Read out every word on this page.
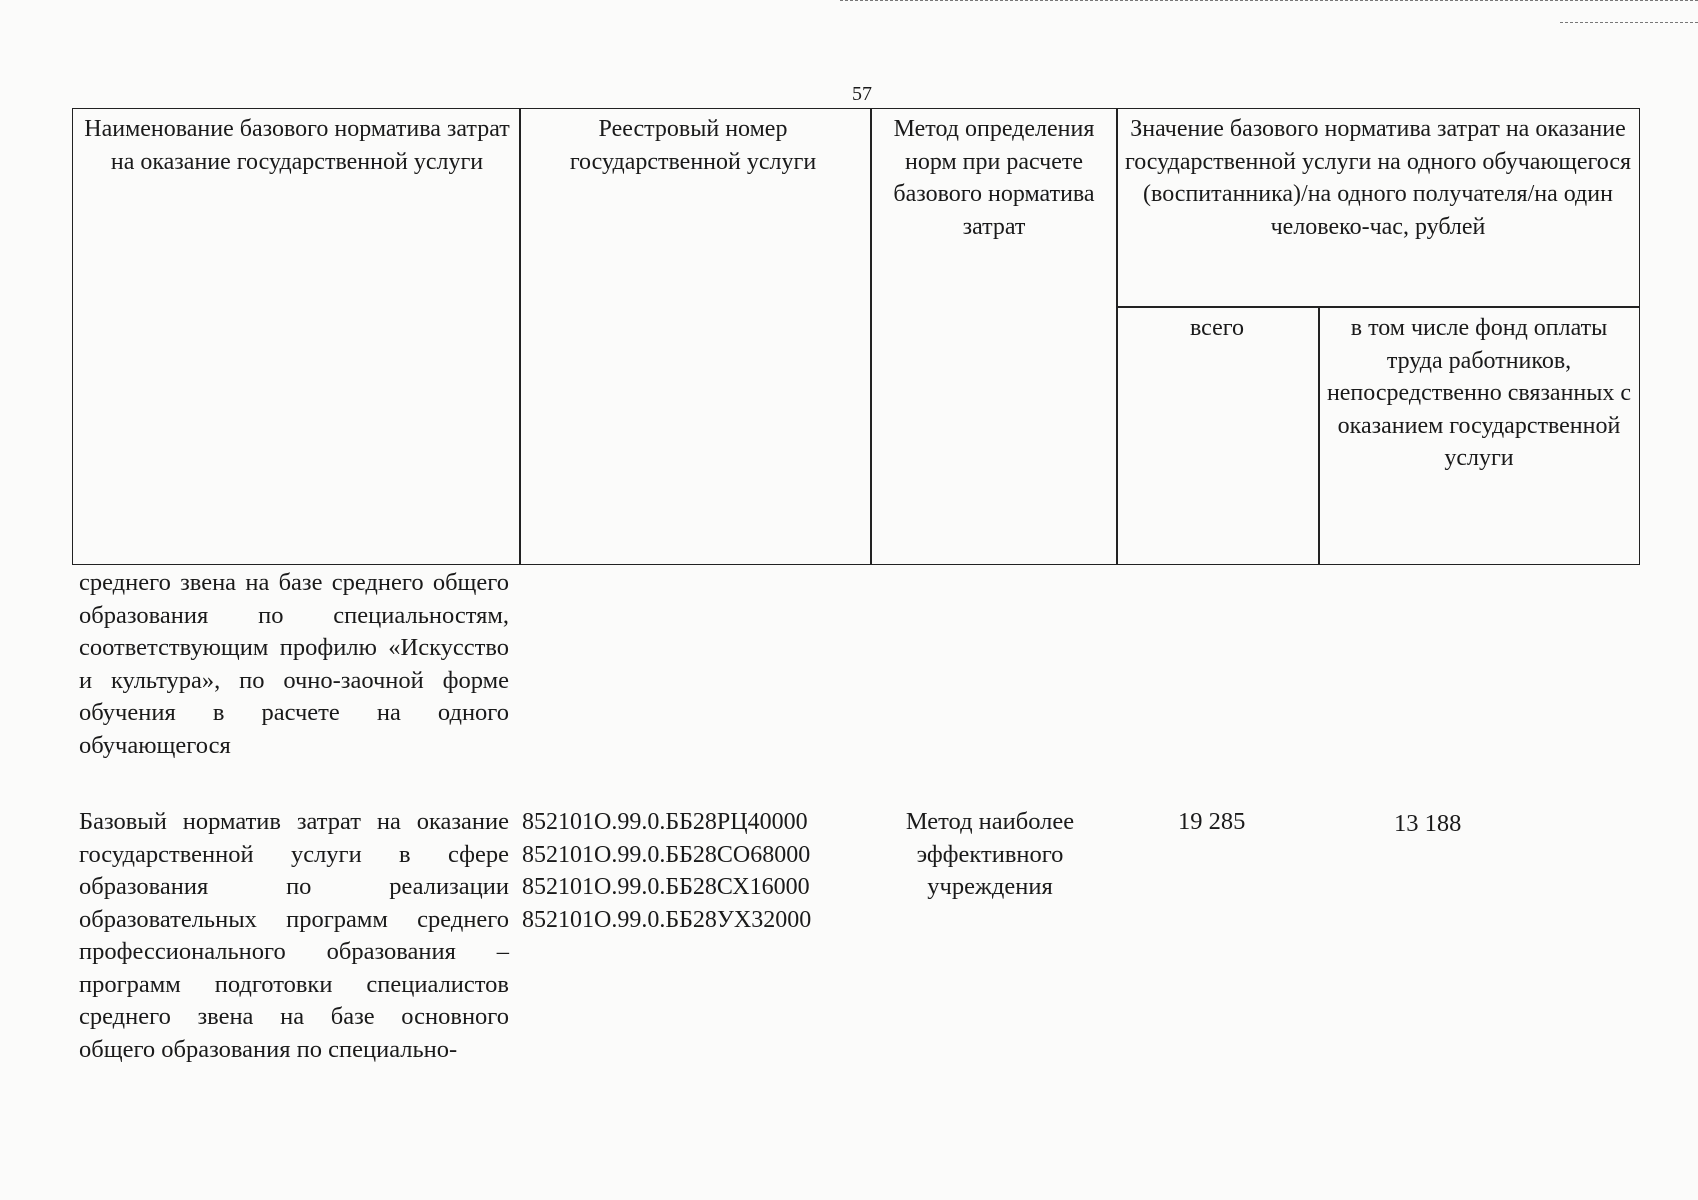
57
Наименование базового норматива затрат на оказание государственной услуги
Реестровый номер государственной услуги
Метод определения норм при расчете базового норматива затрат
Значение базового норматива затрат на оказание государственной услуги на одного обучающегося (воспитанника)/на одного получателя/на один человеко-час, рублей
всего	в том числе фонд оплаты труда работников, непосредственно связанных с оказанием государственной услуги
среднего звена на базе среднего общего образования по специальностям, соответствующим профилю «Искусство и культура», по очно-заочной форме обучения в расчете на одного обучающегося
Базовый норматив затрат на оказание государственной услуги в сфере образования по реализации образовательных программ среднего профессионального образования – программ подготовки специалистов среднего звена на базе основного общего образования по специально-
852101О.99.0.ББ28РЦ40000
852101О.99.0.ББ28СО68000
852101О.99.0.ББ28СХ16000
852101О.99.0.ББ28УХ32000
Метод наиболее эффективного учреждения
19 285	13 188
